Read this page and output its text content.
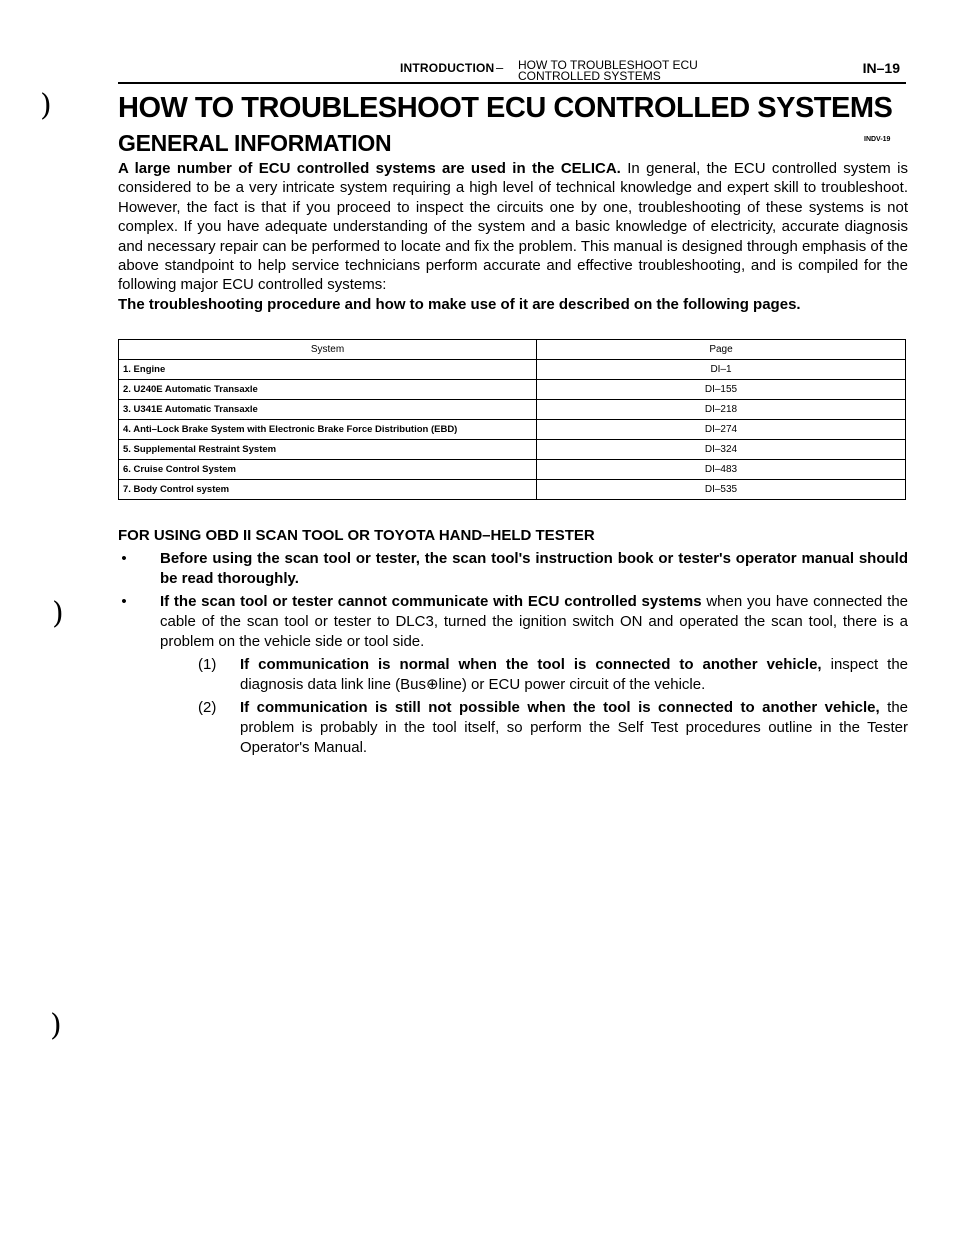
INTRODUCTION – HOW TO TROUBLESHOOT ECU CONTROLLED SYSTEMS	IN–19
HOW TO TROUBLESHOOT ECU CONTROLLED SYSTEMS
GENERAL INFORMATION	INDV-19
A large number of ECU controlled systems are used in the CELICA. In general, the ECU controlled system is considered to be a very intricate system requiring a high level of technical knowledge and expert skill to troubleshoot. However, the fact is that if you proceed to inspect the circuits one by one, troubleshooting of these systems is not complex. If you have adequate understanding of the system and a basic knowledge of electricity, accurate diagnosis and necessary repair can be performed to locate and fix the problem. This manual is designed through emphasis of the above standpoint to help service technicians perform accurate and effective troubleshooting, and is compiled for the following major ECU controlled systems:
The troubleshooting procedure and how to make use of it are described on the following pages.
System	Page
1. Engine	DI–1
2. U240E Automatic Transaxle	DI–155
3. U341E Automatic Transaxle	DI–218
4. Anti–Lock Brake System with Electronic Brake Force Distribution (EBD)	DI–274
5. Supplemental Restraint System	DI–324
6. Cruise Control System	DI–483
7. Body Control system	DI–535
FOR USING OBD II SCAN TOOL OR TOYOTA HAND–HELD TESTER
• Before using the scan tool or tester, the scan tool's instruction book or tester's operator manual should be read thoroughly.
• If the scan tool or tester cannot communicate with ECU controlled systems when you have connected the cable of the scan tool or tester to DLC3, turned the ignition switch ON and operated the scan tool, there is a problem on the vehicle side or tool side.
(1) If communication is normal when the tool is connected to another vehicle, inspect the diagnosis data link line (Bus⊕line) or ECU power circuit of the vehicle.
(2) If communication is still not possible when the tool is connected to another vehicle, the problem is probably in the tool itself, so perform the Self Test procedures outline in the Tester Operator's Manual.
)
)
)
